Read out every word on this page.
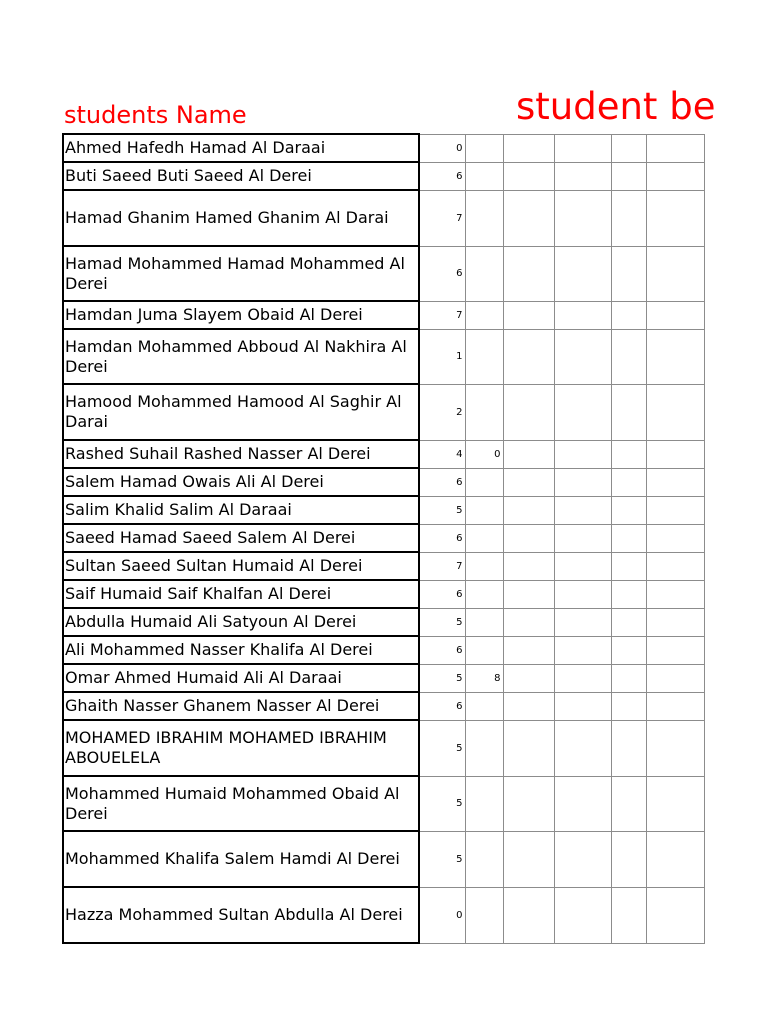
students Name	student be
Ahmed Hafedh Hamad Al Daraai	0					
Buti Saeed Buti Saeed Al Derei	6					
Hamad Ghanim Hamed Ghanim Al Darai	7					
Hamad Mohammed Hamad Mohammed Al Derei	6					
Hamdan Juma Slayem Obaid Al Derei	7					
Hamdan Mohammed Abboud Al Nakhira Al Derei	1					
Hamood Mohammed Hamood Al Saghir Al Darai	2					
Rashed Suhail Rashed Nasser Al Derei	4	0				
Salem Hamad Owais Ali Al Derei	6					
Salim Khalid Salim Al Daraai	5					
Saeed Hamad Saeed Salem Al Derei	6					
Sultan Saeed Sultan Humaid Al Derei	7					
Saif Humaid Saif Khalfan Al Derei	6					
Abdulla Humaid Ali Satyoun Al Derei	5					
Ali Mohammed Nasser Khalifa Al Derei	6					
Omar Ahmed Humaid Ali Al Daraai	5	8				
Ghaith Nasser Ghanem Nasser Al Derei	6					
MOHAMED IBRAHIM MOHAMED IBRAHIM ABOUELELA	5					
Mohammed Humaid Mohammed Obaid Al Derei	5					
Mohammed Khalifa Salem Hamdi Al Derei	5					
Hazza Mohammed Sultan Abdulla Al Derei	0					
